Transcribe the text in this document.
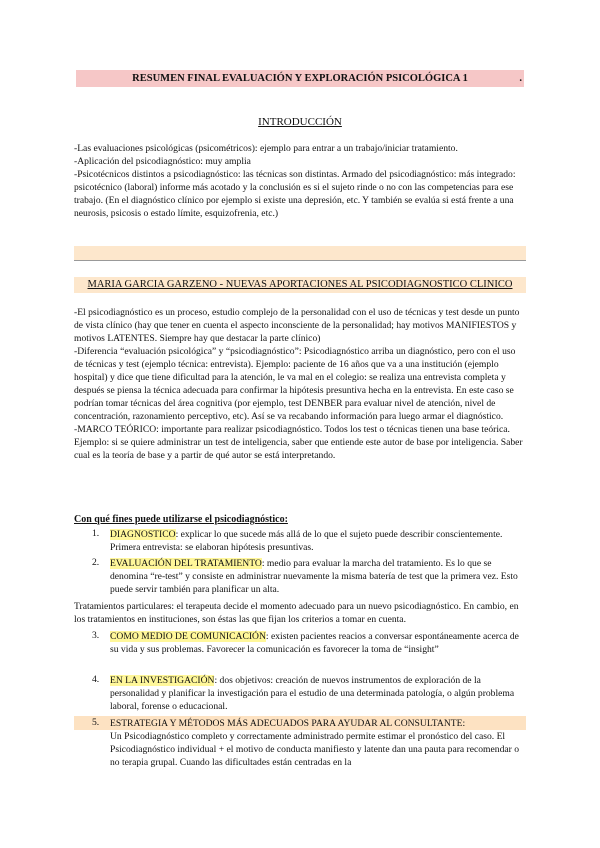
RESUMEN FINAL EVALUACIÓN Y EXPLORACIÓN PSICOLÓGICA 1	.
INTRODUCCIÓN

-Las evaluaciones psicológicas (psicométricos): ejemplo para entrar a un trabajo/iniciar tratamiento.

-Aplicación del psicodiagnóstico: muy amplia

-Psicotécnicos distintos a psicodiagnóstico: las técnicas son distintas. Armado del psicodiagnóstico: más integrado: psicotécnico (laboral) informe más acotado y la conclusión es si el sujeto rinde o no con las competencias para ese trabajo. (En el diagnóstico clínico por ejemplo si existe una depresión, etc. Y también se evalúa si está frente a una neurosis, psicosis o estado límite, esquizofrenia, etc.)

MARIA GARCIA GARZENO - NUEVAS APORTACIONES AL PSICODIAGNOSTICO CLINICO

-El psicodiagnóstico es un proceso, estudio complejo de la personalidad con el uso de técnicas y test desde un punto de vista clínico (hay que tener en cuenta el aspecto inconsciente de la personalidad; hay motivos MANIFIESTOS y motivos LATENTES. Siempre hay que destacar la parte clínico)

-Diferencia “evaluación psicológica” y “psicodiagnóstico”: Psicodiagnóstico arriba un diagnóstico, pero con el uso de técnicas y test (ejemplo técnica: entrevista). Ejemplo: paciente de 16 años que va a una institución (ejemplo hospital) y dice que tiene dificultad para la atención, le va mal en el colegio: se realiza una entrevista completa y después se piensa la técnica adecuada para confirmar la hipótesis presuntiva hecha en la entrevista. En este caso se podrían tomar técnicas del área cognitiva (por ejemplo, test DENBER para evaluar nivel de atención, nivel de concentración, razonamiento perceptivo, etc). Así se va recabando información para luego armar el diagnóstico.

-MARCO TEÓRICO: importante para realizar psicodiagnóstico. Todos los test o técnicas tienen una base teórica. Ejemplo: si se quiere administrar un test de inteligencia, saber que entiende este autor de base por inteligencia. Saber cual es la teoría de base y a partir de qué autor se está interpretando.

Con qué fines puede utilizarse el psicodiagnóstico:
1. DIAGNOSTICO: explicar lo que sucede más allá de lo que el sujeto puede describir conscientemente. Primera entrevista: se elaboran hipótesis presuntivas.
2. EVALUACIÓN DEL TRATAMIENTO: medio para evaluar la marcha del tratamiento. Es lo que se denomina “re-test” y consiste en administrar nuevamente la misma batería de test que la primera vez. Esto puede servir también para planificar un alta.
Tratamientos particulares: el terapeuta decide el momento adecuado para un nuevo psicodiagnóstico. En cambio, en los tratamientos en instituciones, son éstas las que fijan los criterios a tomar en cuenta.
3. COMO MEDIO DE COMUNICACIÓN: existen pacientes reacios a conversar espontáneamente acerca de su vida y sus problemas. Favorecer la comunicación es favorecer la toma de “insight”
4. EN LA INVESTIGACIÓN: dos objetivos: creación de nuevos instrumentos de exploración de la personalidad y planificar la investigación para el estudio de una determinada patología, o algún problema laboral, forense o educacional.
5. ESTRATEGIA Y MÉTODOS MÁS ADECUADOS PARA AYUDAR AL CONSULTANTE:
Un Psicodiagnóstico completo y correctamente administrado permite estimar el pronóstico del caso. El Psicodiagnóstico individual + el motivo de conducta manifiesto y latente dan una pauta para recomendar o no terapia grupal. Cuando las dificultades están centradas en la
